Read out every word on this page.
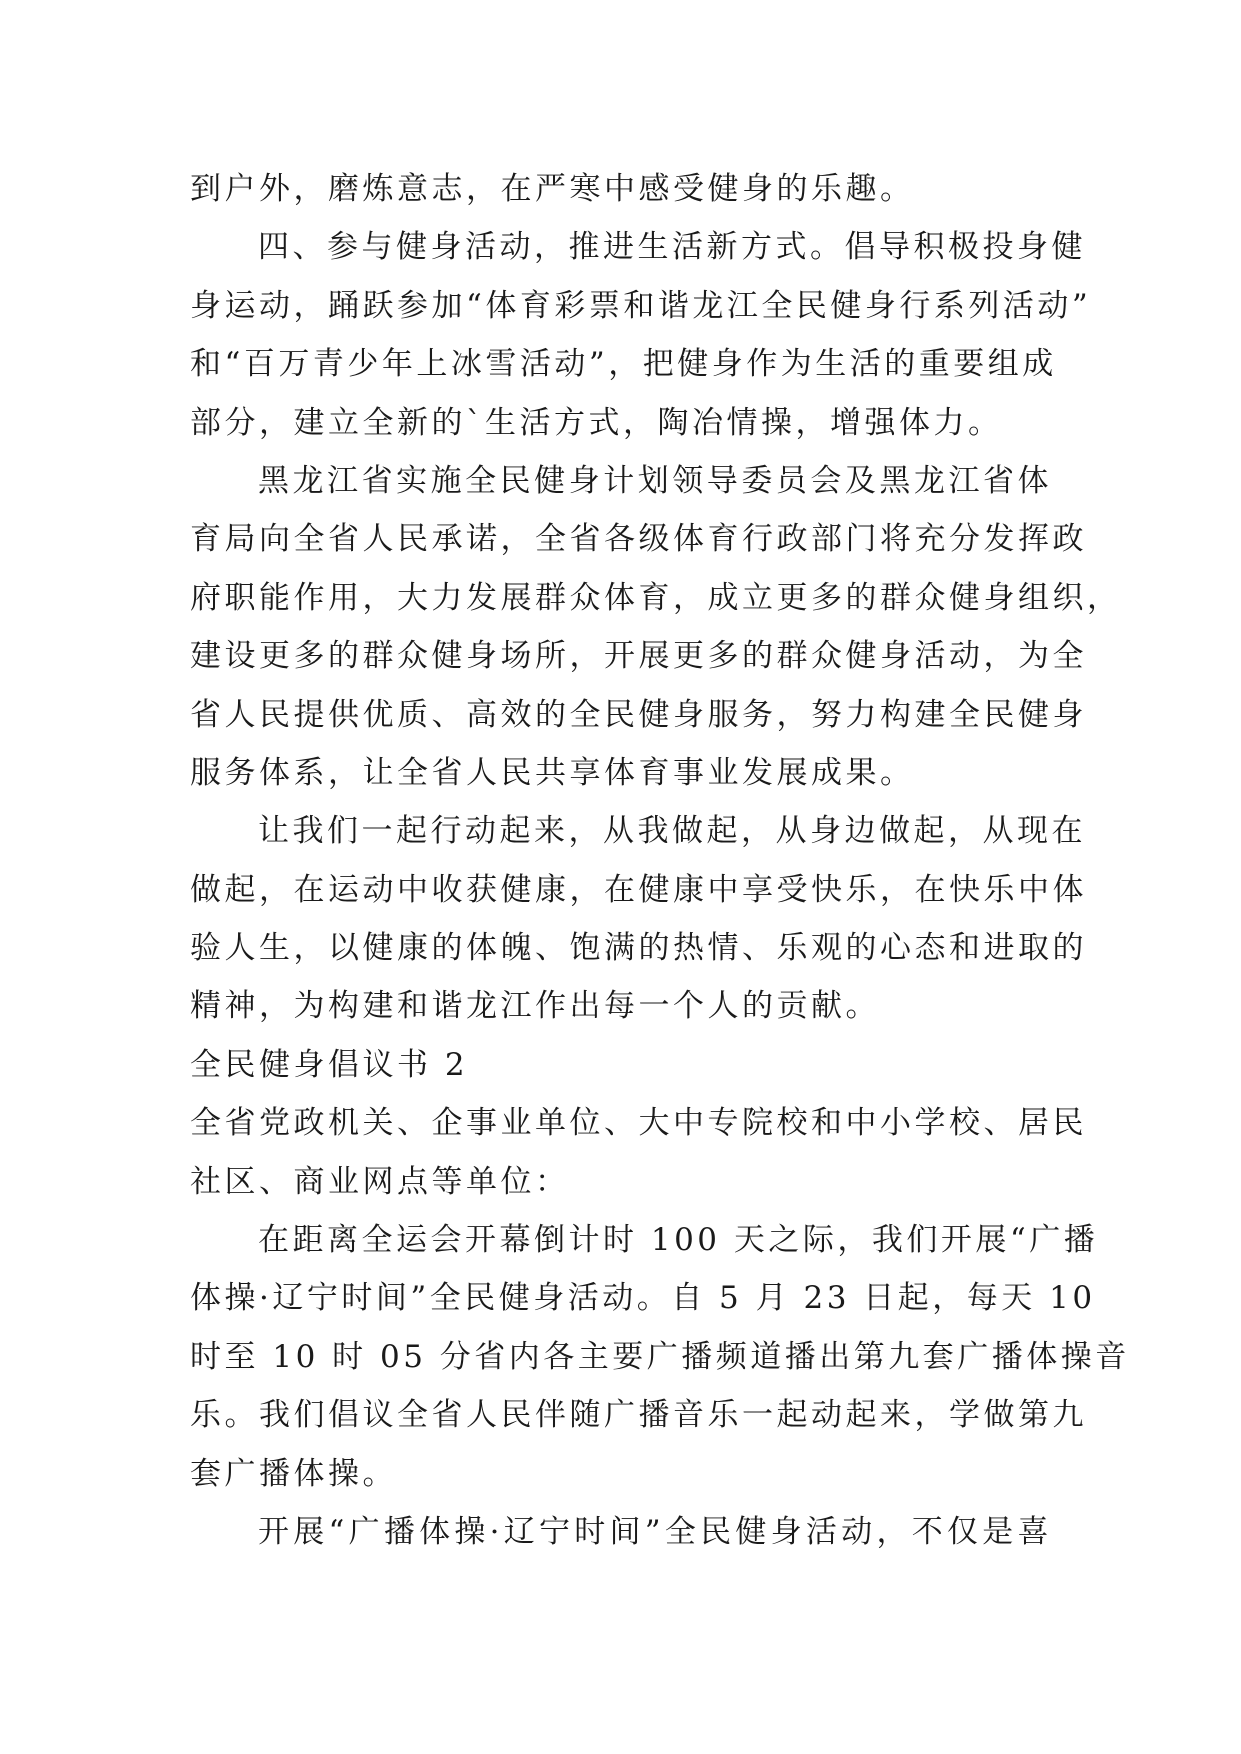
到户外，磨炼意志，在严寒中感受健身的乐趣。
四、参与健身活动，推进生活新方式。倡导积极投身健
身运动，踊跃参加“体育彩票和谐龙江全民健身行系列活动”
和“百万青少年上冰雪活动”，把健身作为生活的重要组成
部分，建立全新的`生活方式，陶冶情操，增强体力。
黑龙江省实施全民健身计划领导委员会及黑龙江省体
育局向全省人民承诺，全省各级体育行政部门将充分发挥政
府职能作用，大力发展群众体育，成立更多的群众健身组织，
建设更多的群众健身场所，开展更多的群众健身活动，为全
省人民提供优质、高效的全民健身服务，努力构建全民健身
服务体系，让全省人民共享体育事业发展成果。
让我们一起行动起来，从我做起，从身边做起，从现在
做起，在运动中收获健康，在健康中享受快乐，在快乐中体
验人生，以健康的体魄、饱满的热情、乐观的心态和进取的
精神，为构建和谐龙江作出每一个人的贡献。
全民健身倡议书 2
全省党政机关、企事业单位、大中专院校和中小学校、居民
社区、商业网点等单位：
在距离全运会开幕倒计时 100 天之际，我们开展“广播
体操·辽宁时间”全民健身活动。自 5 月 23 日起，每天 10
时至 10 时 05 分省内各主要广播频道播出第九套广播体操音
乐。我们倡议全省人民伴随广播音乐一起动起来，学做第九
套广播体操。
开展“广播体操·辽宁时间”全民健身活动，不仅是喜
